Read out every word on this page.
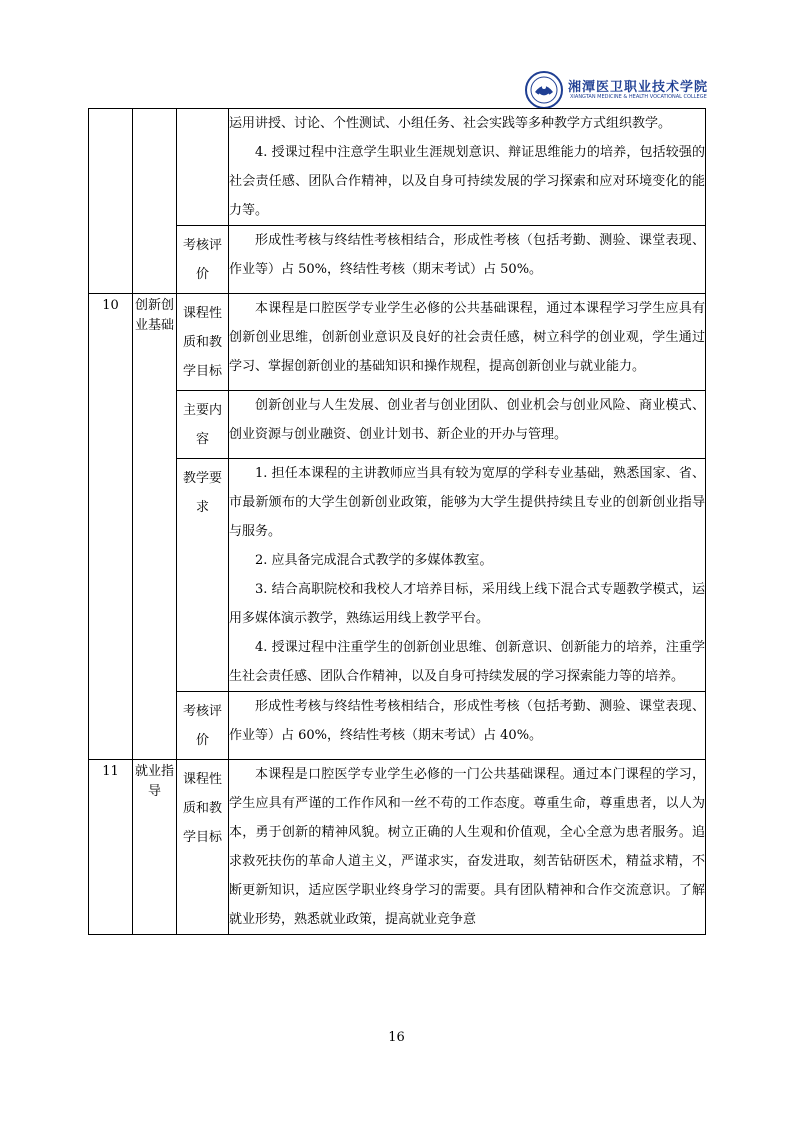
湘潭医卫职业技术学院
XIANGTAN MEDICINE & HEALTH VOCATIONAL COLLEGE

			运用讲授、讨论、个性测试、小组任务、社会实践等多种教学方式组织教学。

4. 授课过程中注意学生职业生涯规划意识、辩证思维能力的培养，包括较强的社会责任感、团队合作精神，以及自身可持续发展的学习探索和应对环境变化的能力等。

		考核评价	形成性考核与终结性考核相结合，形成性考核（包括考勤、测验、课堂表现、作业等）占 50%，终结性考核（期末考试）占 50%。

10	创新创业基础	课程性质和教学目标	本课程是口腔医学专业学生必修的公共基础课程，通过本课程学习学生应具有创新创业思维，创新创业意识及良好的社会责任感，树立科学的创业观，学生通过学习、掌握创新创业的基础知识和操作规程，提高创新创业与就业能力。

		主要内容	创新创业与人生发展、创业者与创业团队、创业机会与创业风险、商业模式、创业资源与创业融资、创业计划书、新企业的开办与管理。

		教学要求	1. 担任本课程的主讲教师应当具有较为宽厚的学科专业基础，熟悉国家、省、市最新颁布的大学生创新创业政策，能够为大学生提供持续且专业的创新创业指导与服务。

2. 应具备完成混合式教学的多媒体教室。

3. 结合高职院校和我校人才培养目标，采用线上线下混合式专题教学模式，运用多媒体演示教学，熟练运用线上教学平台。

4. 授课过程中注重学生的创新创业思维、创新意识、创新能力的培养，注重学生社会责任感、团队合作精神，以及自身可持续发展的学习探索能力等的培养。

		考核评价	形成性考核与终结性考核相结合，形成性考核（包括考勤、测验、课堂表现、作业等）占 60%，终结性考核（期末考试）占 40%。

11	就业指导	课程性质和教学目标	本课程是口腔医学专业学生必修的一门公共基础课程。通过本门课程的学习，学生应具有严谨的工作作风和一丝不苟的工作态度。尊重生命，尊重患者，以人为本，勇于创新的精神风貌。树立正确的人生观和价值观，全心全意为患者服务。追求救死扶伤的革命人道主义，严谨求实，奋发进取，刻苦钻研医术，精益求精，不断更新知识，适应医学职业终身学习的需要。具有团队精神和合作交流意识。了解就业形势，熟悉就业政策，提高就业竞争意

16
